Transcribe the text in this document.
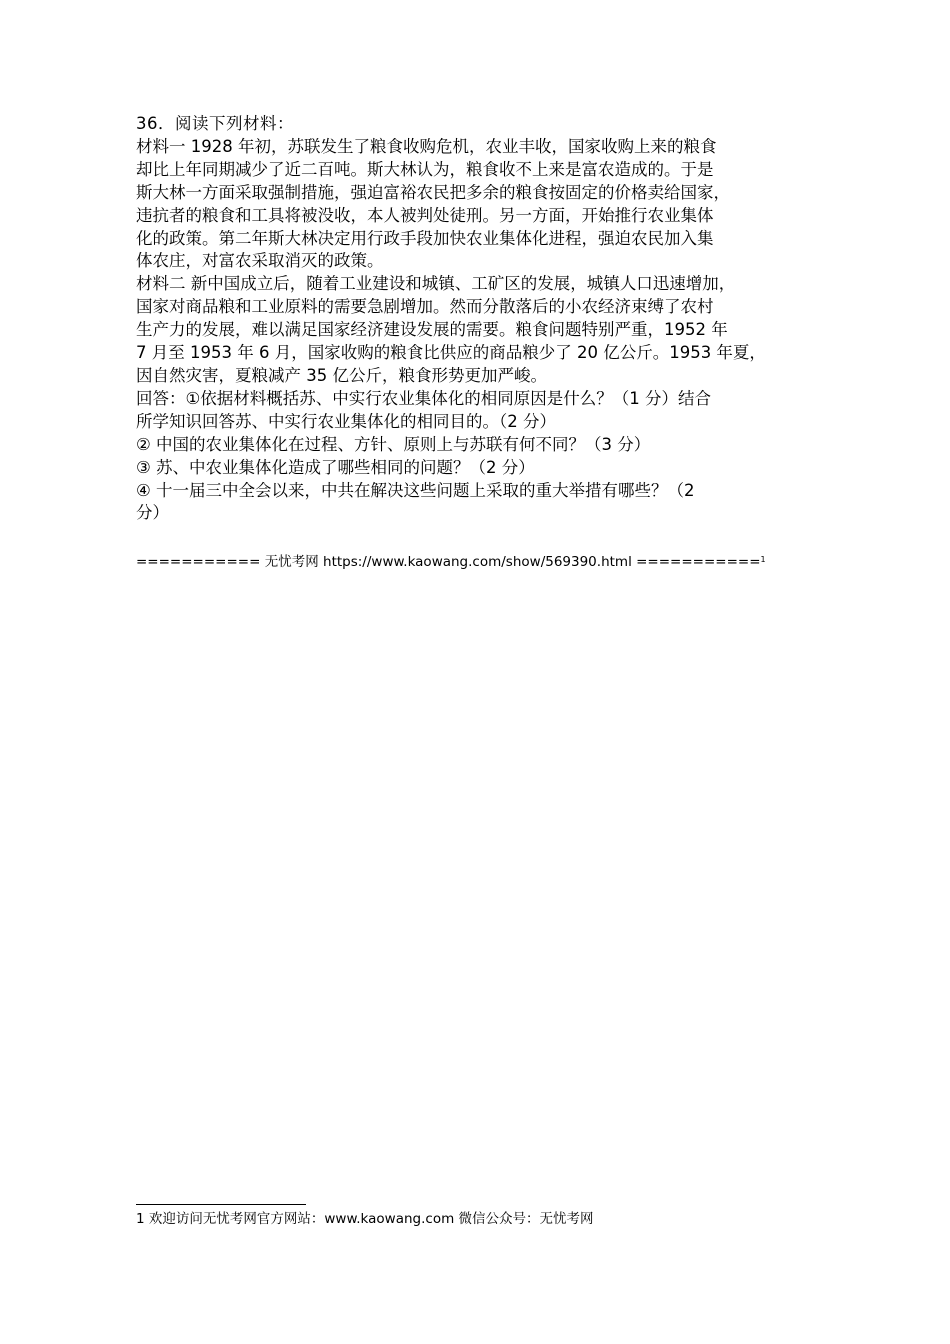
36．阅读下列材料：
材料一 1928 年初，苏联发生了粮食收购危机，农业丰收，国家收购上来的粮食
却比上年同期减少了近二百吨。斯大林认为，粮食收不上来是富农造成的。于是
斯大林一方面采取强制措施，强迫富裕农民把多余的粮食按固定的价格卖给国家，
违抗者的粮食和工具将被没收，本人被判处徒刑。另一方面，开始推行农业集体
化的政策。第二年斯大林决定用行政手段加快农业集体化进程，强迫农民加入集
体农庄，对富农采取消灭的政策。
材料二 新中国成立后，随着工业建设和城镇、工矿区的发展，城镇人口迅速增加，
国家对商品粮和工业原料的需要急剧增加。然而分散落后的小农经济束缚了农村
生产力的发展，难以满足国家经济建设发展的需要。粮食问题特别严重，1952 年
7 月至 1953 年 6 月，国家收购的粮食比供应的商品粮少了 20 亿公斤。1953 年夏，
因自然灾害，夏粮减产 35 亿公斤，粮食形势更加严峻。
回答：①依据材料概括苏、中实行农业集体化的相同原因是什么？（1 分）结合
所学知识回答苏、中实行农业集体化的相同目的。（2 分）
② 中国的农业集体化在过程、方针、原则上与苏联有何不同？（3 分）
③ 苏、中农业集体化造成了哪些相同的问题？（2 分）
④ 十一届三中全会以来，中共在解决这些问题上采取的重大举措有哪些？（2
分）
=========== 无忧考网 https://www.kaowang.com/show/569390.html ===========$^1$
1 欢迎访问无忧考网官方网站：www.kaowang.com 微信公众号：无忧考网
